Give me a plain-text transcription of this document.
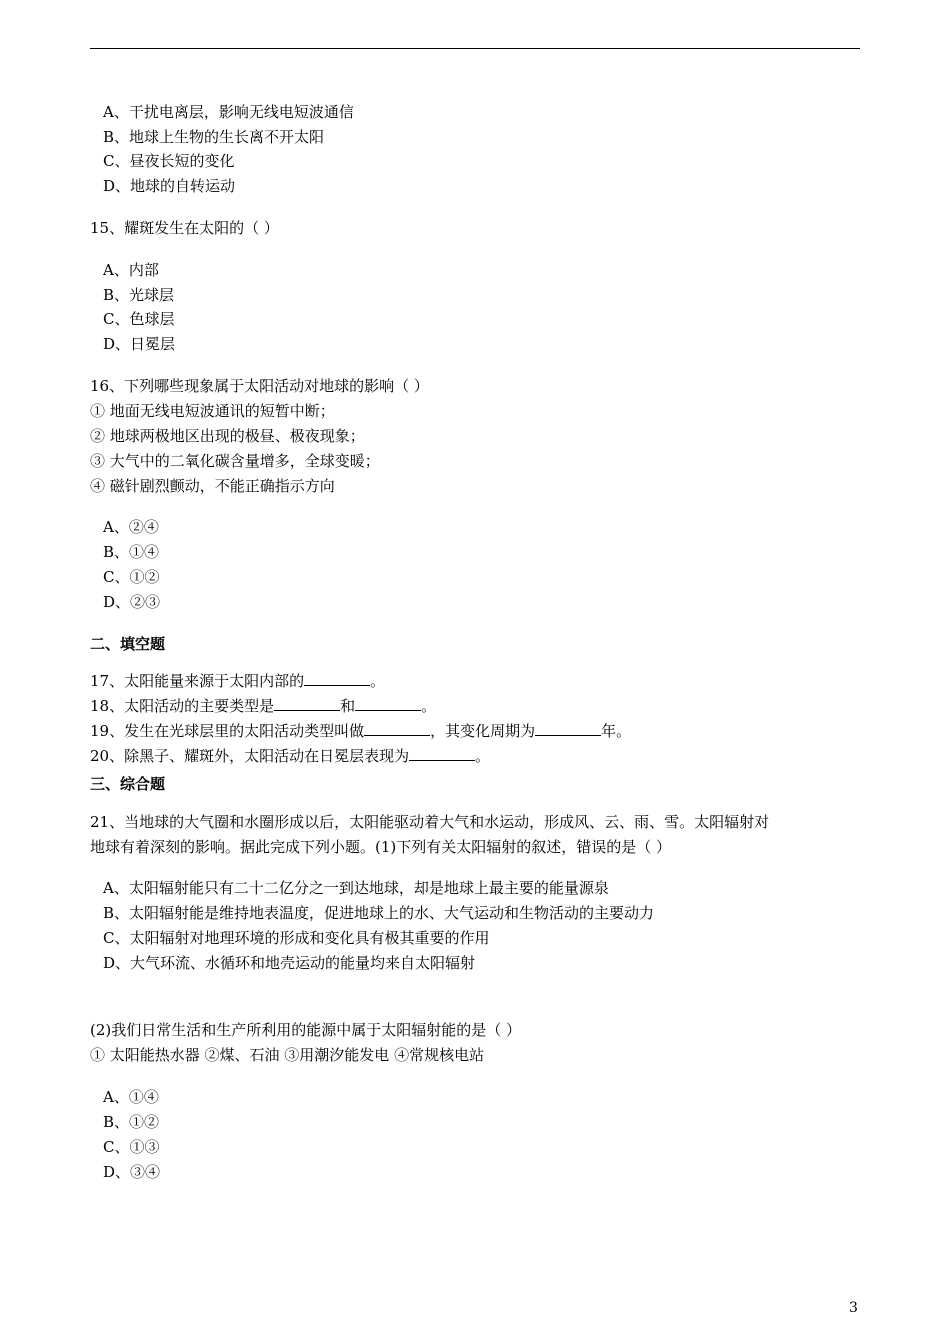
A、干扰电离层，影响无线电短波通信
B、地球上生物的生长离不开太阳
C、昼夜长短的变化
D、地球的自转运动
15、耀斑发生在太阳的（ ）
A、内部
B、光球层
C、色球层
D、日冕层
16、下列哪些现象属于太阳活动对地球的影响（ ）
① 地面无线电短波通讯的短暂中断；
② 地球两极地区出现的极昼、极夜现象；
③ 大气中的二氧化碳含量增多，全球变暖；
④ 磁针剧烈颤动，不能正确指示方向
A、②④
B、①④
C、①②
D、②③
二、填空题
17、太阳能量来源于太阳内部的	。
18、太阳活动的主要类型是	和	。
19、发生在光球层里的太阳活动类型叫做	，其变化周期为	年。
20、除黑子、耀斑外，太阳活动在日冕层表现为	。
三、综合题
21、当地球的大气圈和水圈形成以后，太阳能驱动着大气和水运动，形成风、云、雨、雪。太阳辐射对
地球有着深刻的影响。据此完成下列小题。(1)下列有关太阳辐射的叙述，错误的是（ ）
A、太阳辐射能只有二十二亿分之一到达地球，却是地球上最主要的能量源泉
B、太阳辐射能是维持地表温度，促进地球上的水、大气运动和生物活动的主要动力
C、太阳辐射对地理环境的形成和变化具有极其重要的作用
D、大气环流、水循环和地壳运动的能量均来自太阳辐射
(2)我们日常生活和生产所利用的能源中属于太阳辐射能的是（ ）
① 太阳能热水器 ②煤、石油 ③用潮汐能发电 ④常规核电站
A、①④
B、①②
C、①③
D、③④
3
